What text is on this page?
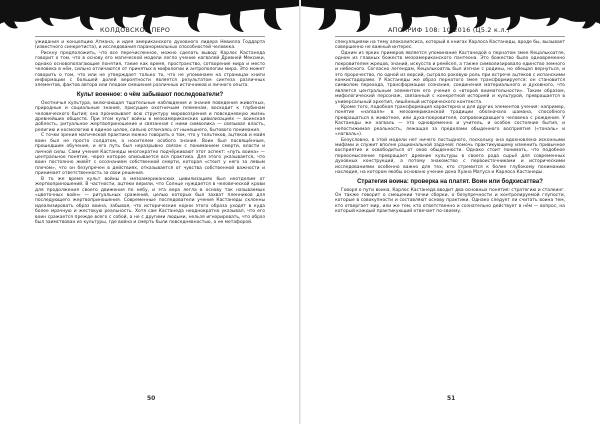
КОЛДОВСКОЕ ПЕРО

ужидания и концепцию Атмана, и идея американского духовного лидера Невилла Годдарта (известного синкретиста), и исследования паранормальных способностей человека.

Рискну предположить, что все перечисленное, можно сделать вывод: Карлос Кастанеда говорит о том, что в основу его магической модели легло учение нагвалей Древней Мексики, однако основополагающие понятия, такие как время, пространство, сотворение мира и место человека в нём, сильно отличаются от принятых в мифологии и антропологии мира. Это может говорить о том, что или не утверждает только то, что не упоминаем на страницах книги информации с большей долей вероятности является результатом синтеза различных элементов, фактов автора или плодом смешения различных источников и личного опыта.

Культ военное: о чём забывают последователи?

Охотничья культура, включающая тщательные наблюдения и знания поведения животных, природные и социальные знания, присущие охотничьим племенам, восходит к глубинам человеческого бытия; она пронизывает всю структуру мировоззрения и повседневную жизнь древнейших обществ. При этом культ войны в мезоамериканских цивилизациях — воинская доблесть, ритуальное жертвоприношение и связанная с ними символика — связывал власть, религию и космологию в единое целое, сильно отличаясь от нынешнего, бытового понимания.

С точки зрения магической практики можно говорить о том, что у тольтеков, ацтеков и майя воин был не просто солдатом, а носителем особого знания. Воин был посвящённым, прошедшим обучение, и его путь был неразрывно связан с пониманием смерти, власти и личной силы. Сами учения Кастанеды многократно подчёркивают этот аспект: «путь воина» — центральное понятие, через которое описывается вся практика. Для этого указывается, что воин постоянно живёт с осознанием собственной смерти, которая «стоит у него за левым плечом», что он безупречен в действиях, отказывается от чувства собственной важности и принимает ответственность за свои решения.

В то же время культ войны в мезоамериканских цивилизациях был неотделим от жертвоприношений. В частности, ацтеки верили, что Солнце нуждается в человеческой крови для продолжения своего движения по небу, и эта вера легла в основу так называемых «цветочных войн» — ритуальных сражений, целью которых был захват пленников для последующего жертвоприношения. Современные последователи учения Кастанеды склонны идеализировать образ воина, забывая, что исторические корни этого образа уходят в куда более мрачную и жестокую реальность. Хотя сам Кастанеда неоднократно указывал, что его воин сражается прежде всего с собой, а не с другими людьми, нельзя игнорировать, что образ был заимствован из культуры, где война и смерть были повседневностью, а не метафорой.

50
АПОКРИФ 108: 10.2016 (Ц5.2 к.л.)

спекуляциями на тему апокалипсиса, который в книгах Карлоса Кастанеды, вроде бы, вызывает совершенно не важный интерес.

Одним из ярких примеров является упоминание Кастанедой о пернатом змее Кецалькоатле, одном из главных божеств мезоамериканского пантеона. Это божество было одновременно покровителем жрецов, знаний, искусств и ремёсел, а также символизировало единство земного и небесного. Согласно легендам, Кецалькоатль был изгнан с родины, но обещал вернуться, и это пророчество, по одной из версий, сыграло роковую роль при встрече ацтеков с испанскими конкистадорами. У Кастанеды же образ пернатого змея трансформируется: он становится символом перехода, трансформации сознания, соединения материального и духовного, что является центральным элементом его учения о «второй внимательности». Таким образом, мифологический персонаж, связанный с конкретной историей и культурой, превращается в универсальный архетип, лишённый исторического контекста.

Кроме того, подобная трансформация характерна и для других элементов учения: например, понятие «нагваля» в мезоамериканской традиции обозначало шамана, способного превращаться в животное, или духа-покровителя, сопровождающего человека с рождения. У Кастанеды же нагваль — это одновременно и учитель, и особое состояние бытия, и непостижимая реальность, лежащая за пределами обыденного восприятия («тональ» и «нагваль»).

Безусловно, в этой модели нет ничего постыдного, поскольку она вдохновлена исконными мифами и служит вполне рациональной задачей: помочь практикующему изменить привычное восприятие и освободиться от оков обыденности. Однако стоит понимать, что подобное переосмысление превращает древние культуры в своего рода сырьё для современных духовных конструкций, а потому знакомство с первоисточниками и историческими исследованиями особенно важно для тех, кто стремится к более глубокому пониманию наследия, на котором якобы основано учение дона Хуана Матуса и Карлоса Кастанеды.

Стратегия воина: проверка на платят. Воин или бодхисаттва?

Говоря о пути воина, Карлос Кастанеда вводит два основных понятия: стратегию и сталкинг. Он также говорит о смещении точки сборки, о безупречности и контролируемой глупости, которые в совокупности и составляют основу практики. Однако следует ли считать воина тем, кто отвергает мир, или же тем, кто ответственно и сознательно действует в нём — вопрос, на который каждый практикующий отвечает по-своему.

51
